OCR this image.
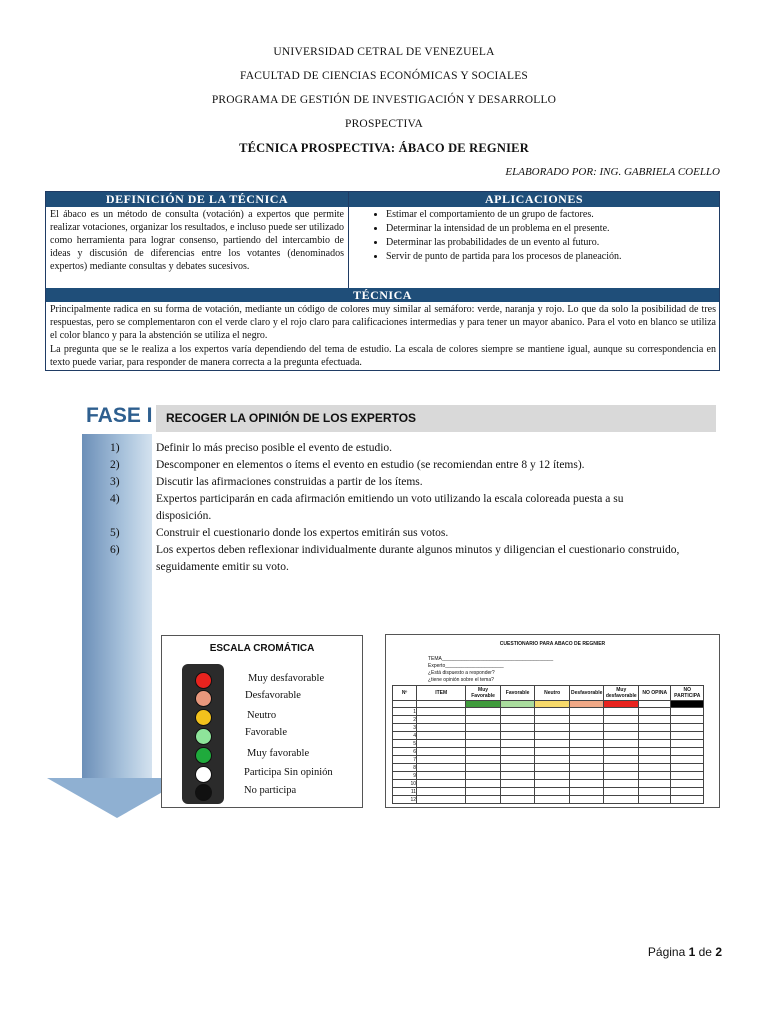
UNIVERSIDAD CETRAL DE VENEZUELA
FACULTAD DE CIENCIAS ECONÓMICAS Y SOCIALES
PROGRAMA DE GESTIÓN DE INVESTIGACIÓN Y DESARROLLO
PROSPECTIVA
TÉCNICA PROSPECTIVA: ÁBACO DE REGNIER
ELABORADO POR: ING. GABRIELA COELLO
DEFINICIÓN DE LA TÉCNICA	APLICACIONES
El ábaco es un método de consulta (votación) a expertos que permite realizar votaciones, organizar los resultados, e incluso puede ser utilizado como herramienta para lograr consenso, partiendo del intercambio de ideas y discusión de diferencias entre los votantes (denominados expertos) mediante consultas y debates sucesivos.
• Estimar el comportamiento de un grupo de factores.
• Determinar la intensidad de un problema en el presente.
• Determinar las probabilidades de un evento al futuro.
• Servir de punto de partida para los procesos de planeación.
TÉCNICA
Principalmente radica en su forma de votación, mediante un código de colores muy similar al semáforo: verde, naranja y rojo. Lo que da solo la posibilidad de tres respuestas, pero se complementaron con el verde claro y el rojo claro para calificaciones intermedias y para tener un mayor abanico. Para el voto en blanco se utiliza el color blanco y para la abstención se utiliza el negro.
La pregunta que se le realiza a los expertos varía dependiendo del tema de estudio. La escala de colores siempre se mantiene igual, aunque su correspondencia en texto puede variar, para responder de manera correcta a la pregunta efectuada.
FASE I RECOGER LA OPINIÓN DE LOS EXPERTOS
1)	Definir lo más preciso posible el evento de estudio.
2)	Descomponer en elementos o ítems el evento en estudio (se recomiendan entre 8 y 12 ítems).
3)	Discutir las afirmaciones construidas a partir de los ítems.
4)	Expertos participarán en cada afirmación emitiendo un voto utilizando la escala coloreada puesta a su disposición.
5)	Construir el cuestionario donde los expertos emitirán sus votos.
6)	Los expertos deben reflexionar individualmente durante algunos minutos y diligencian el cuestionario construido, seguidamente emitir su voto.
ESCALA CROMÁTICA
Muy desfavorable
Desfavorable
Neutro
Favorable
Muy favorable
Participa Sin opinión
No participa
CUESTIONARIO PARA ABACO DE REGNIER
TEMA________________________________________
Experto_____________________
¿Está dispuesto a responder?
¿tiene opinión sobre el tema?
Nº	ITEM	Muy Favorable	Favorable	Neutro	Desfavorable	Muy desfavorable	NO OPINA	NO PARTICIPA

1								
2								
3								
4								
5								
6								
7								
8								
9								
10								
11								
12								
Página 1 de 2
